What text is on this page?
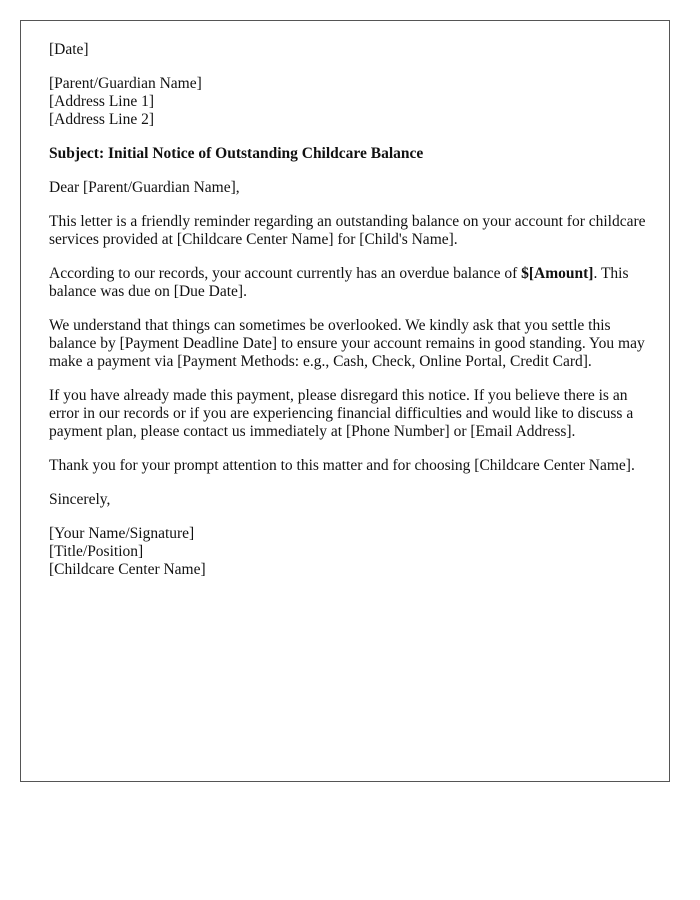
[Date]

[Parent/Guardian Name]
[Address Line 1]
[Address Line 2]

Subject: Initial Notice of Outstanding Childcare Balance

Dear [Parent/Guardian Name],

This letter is a friendly reminder regarding an outstanding balance on your account for childcare services provided at [Childcare Center Name] for [Child's Name].

According to our records, your account currently has an overdue balance of $[Amount]. This balance was due on [Due Date].

We understand that things can sometimes be overlooked. We kindly ask that you settle this balance by [Payment Deadline Date] to ensure your account remains in good standing. You may make a payment via [Payment Methods: e.g., Cash, Check, Online Portal, Credit Card].

If you have already made this payment, please disregard this notice. If you believe there is an error in our records or if you are experiencing financial difficulties and would like to discuss a payment plan, please contact us immediately at [Phone Number] or [Email Address].

Thank you for your prompt attention to this matter and for choosing [Childcare Center Name].

Sincerely,

[Your Name/Signature]
[Title/Position]
[Childcare Center Name]
